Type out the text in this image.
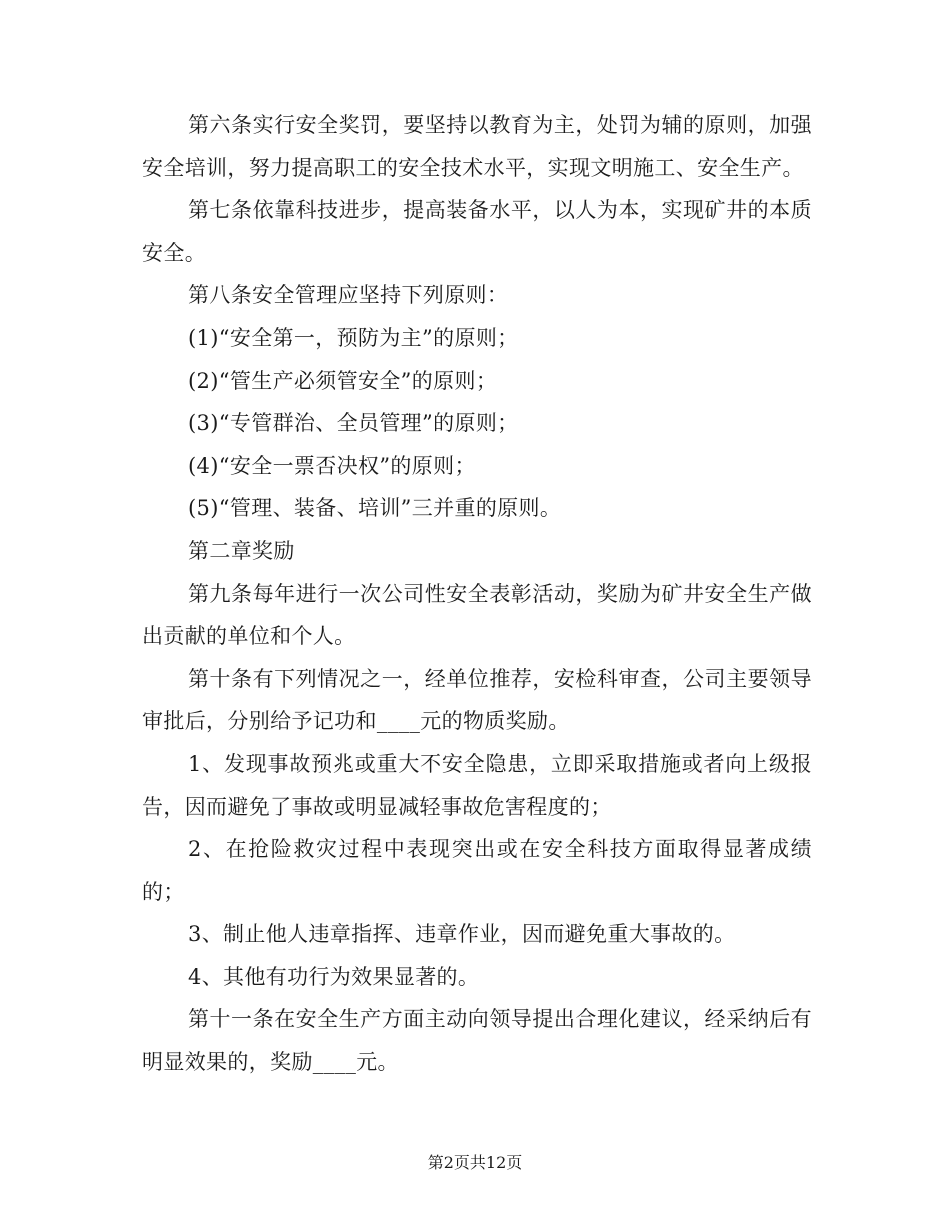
第六条实行安全奖罚，要坚持以教育为主，处罚为辅的原则，加强安全培训，努力提高职工的安全技术水平，实现文明施工、安全生产。

第七条依靠科技进步，提高装备水平，以人为本，实现矿井的本质安全。

第八条安全管理应坚持下列原则：

(1)“安全第一，预防为主”的原则；

(2)“管生产必须管安全”的原则；

(3)“专管群治、全员管理”的原则；

(4)“安全一票否决权”的原则；

(5)“管理、装备、培训”三并重的原则。

第二章奖励

第九条每年进行一次公司性安全表彰活动，奖励为矿井安全生产做出贡献的单位和个人。

第十条有下列情况之一，经单位推荐，安检科审查，公司主要领导审批后，分别给予记功和____元的物质奖励。

1、发现事故预兆或重大不安全隐患，立即采取措施或者向上级报告，因而避免了事故或明显减轻事故危害程度的；

2、在抢险救灾过程中表现突出或在安全科技方面取得显著成绩的；

3、制止他人违章指挥、违章作业，因而避免重大事故的。

4、其他有功行为效果显著的。

第十一条在安全生产方面主动向领导提出合理化建议，经采纳后有明显效果的，奖励____元。

第2页共12页
